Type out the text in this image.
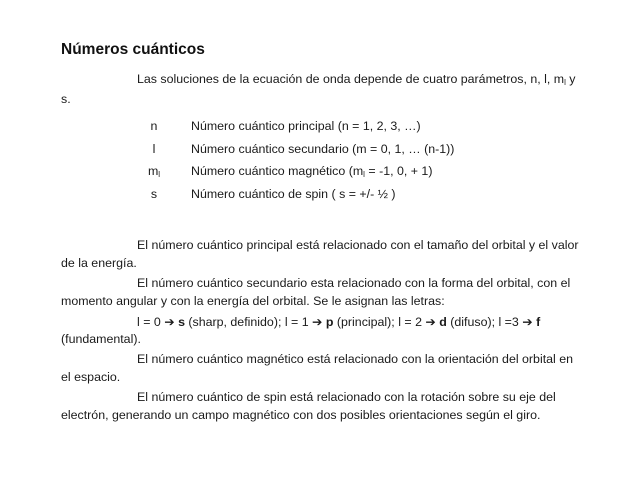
Números cuánticos
Las soluciones de la ecuación de onda depende de cuatro parámetros, n, l, $m_l$ y
s.
n	Número cuántico principal (n = 1, 2, 3, …)
l	Número cuántico secundario (m = 0, 1, … (n-1))
$m_l$	Número cuántico magnético ($m_l = -1$, 0, + 1)
s	Número cuántico de spin ( s = +/- ½ )
El número cuántico principal está relacionado con el tamaño del orbital y el valor
de la energía.
El número cuántico secundario esta relacionado con la forma del orbital, con el
momento angular y con la energía del orbital. Se le asignan las letras:
l = 0 ➔ s (sharp, definido); l = 1 ➔ p (principal); l = 2 ➔ d (difuso); l =3 ➔ f
(fundamental).
El número cuántico magnético está relacionado con la orientación del orbital en
el espacio.
El número cuántico de spin está relacionado con la rotación sobre su eje del
electrón, generando un campo magnético con dos posibles orientaciones según el giro.
